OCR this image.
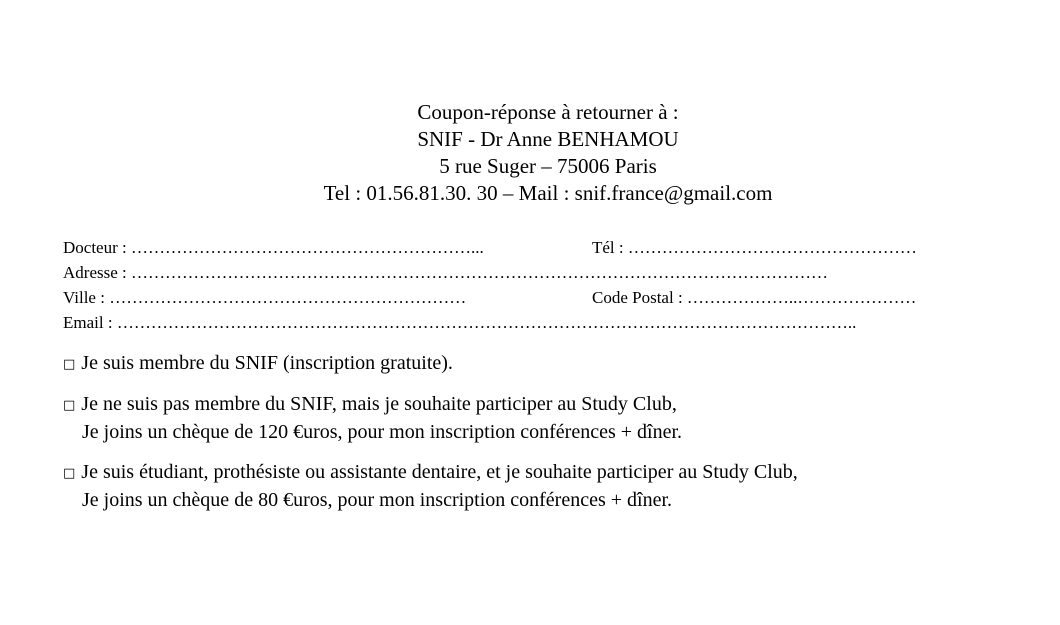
Coupon-réponse à retourner à :
SNIF - Dr Anne BENHAMOU
5 rue Suger – 75006 Paris
Tel : 01.56.81.30. 30 – Mail : snif.france@gmail.com
Docteur : ……………………………………………………...	Tél : ……………………………………………
Adresse : ……………………………………………………………………………………………………………
Ville : ………………………………………………………	Code Postal : ………………..…………………
Email : …………………………………………………………………………………………………………………..
□ Je suis membre du SNIF (inscription gratuite).
□ Je ne suis pas membre du SNIF, mais je souhaite participer au Study Club,
Je joins un chèque de 120 €uros, pour mon inscription conférences + dîner.
□ Je suis étudiant, prothésiste ou assistante dentaire, et je souhaite participer au Study Club,
Je joins un chèque de 80 €uros, pour mon inscription conférences + dîner.
